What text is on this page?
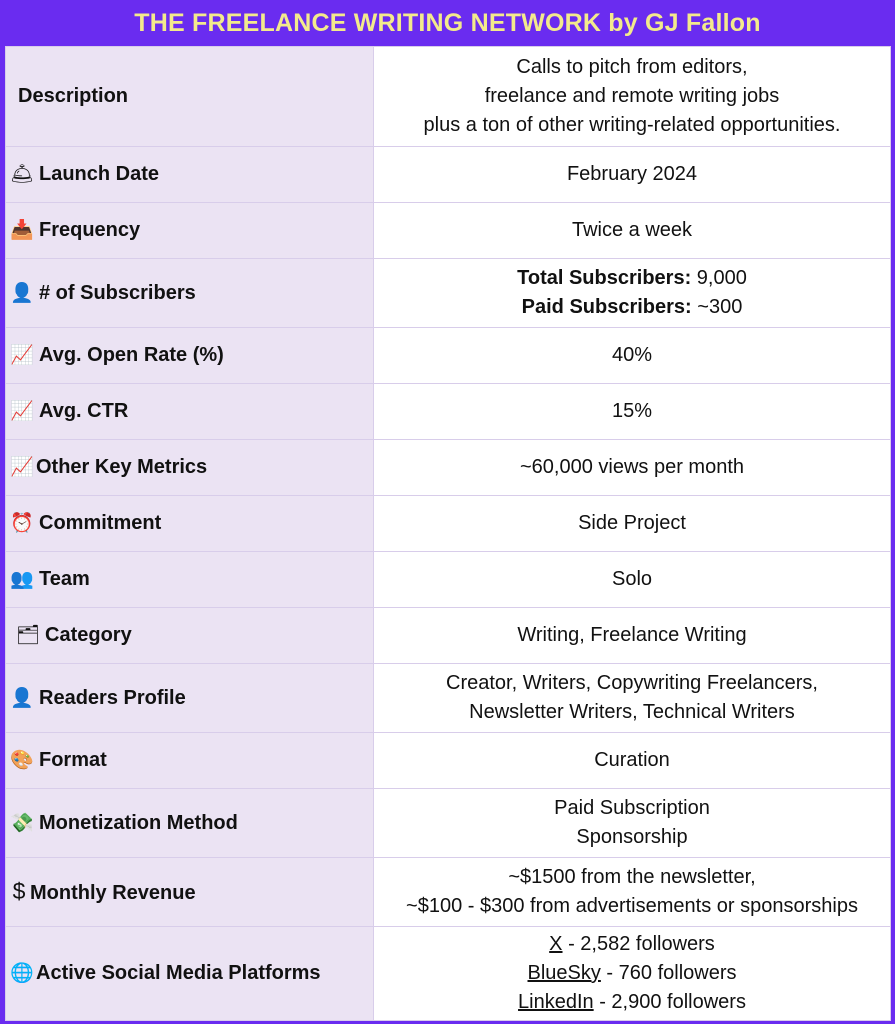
THE FREELANCE WRITING NETWORK by GJ Fallon
Description	Calls to pitch from editors,
freelance and remote writing jobs
plus a ton of other writing-related opportunities.

🛎 Launch Date	February 2024
📥 Frequency	Twice a week
👤 # of Subscribers	Total Subscribers: 9,000
Paid Subscribers: ~300

📈 Avg. Open Rate (%)	40%
📈 Avg. CTR	15%
📈 Other Key Metrics	~60,000 views per month
⏰ Commitment	Side Project
👥 Team	Solo
🗂 Category	Writing, Freelance Writing
👤 Readers Profile	Creator, Writers, Copywriting Freelancers,
Newsletter Writers, Technical Writers

🎨 Format	Curation
💸 Monetization Method	Paid Subscription
Sponsorship

$ Monthly Revenue	~$1500 from the newsletter,
~$100 - $300 from advertisements or sponsorships

🌐 Active Social Media Platforms	X - 2,582 followers
BlueSky - 760 followers
LinkedIn - 2,900 followers
